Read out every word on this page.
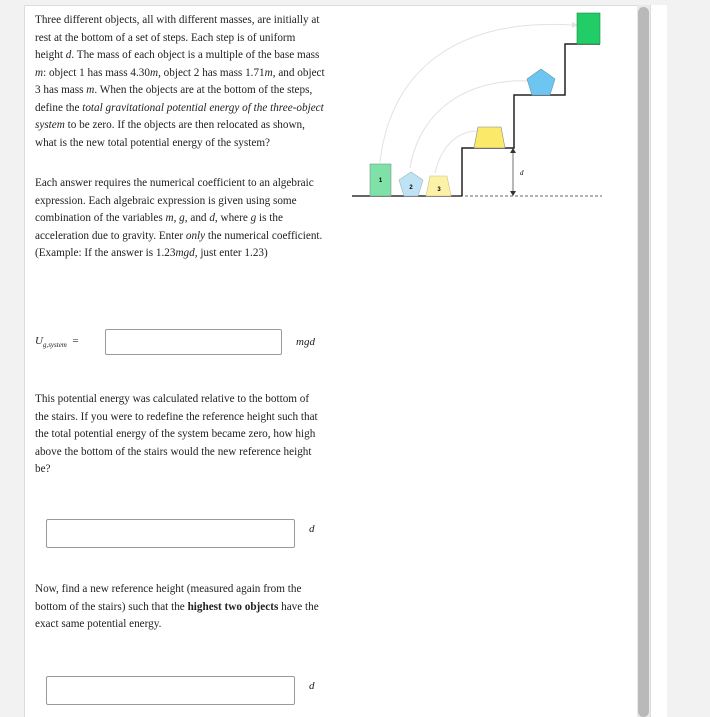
Three different objects, all with different masses, are initially at rest at the bottom of a set of steps. Each step is of uniform height d. The mass of each object is a multiple of the base mass m: object 1 has mass 4.30m, object 2 has mass 1.71m, and object 3 has mass m. When the objects are at the bottom of the steps, define the total gravitational potential energy of the three-object system to be zero. If the objects are then relocated as shown, what is the new total potential energy of the system?

Each answer requires the numerical coefficient to an algebraic expression. Each algebraic expression is given using some combination of the variables m, g, and d, where g is the acceleration due to gravity. Enter only the numerical coefficient. (Example: If the answer is 1.23mgd, just enter 1.23)

$U_{g,system}$ =	mgd

This potential energy was calculated relative to the bottom of the stairs. If you were to redefine the reference height such that the total potential energy of the system became zero, how high above the bottom of the stairs would the new reference height be?

d

Now, find a new reference height (measured again from the bottom of the stairs) such that the highest two objects have the exact same potential energy.

d
1
2	3
d
